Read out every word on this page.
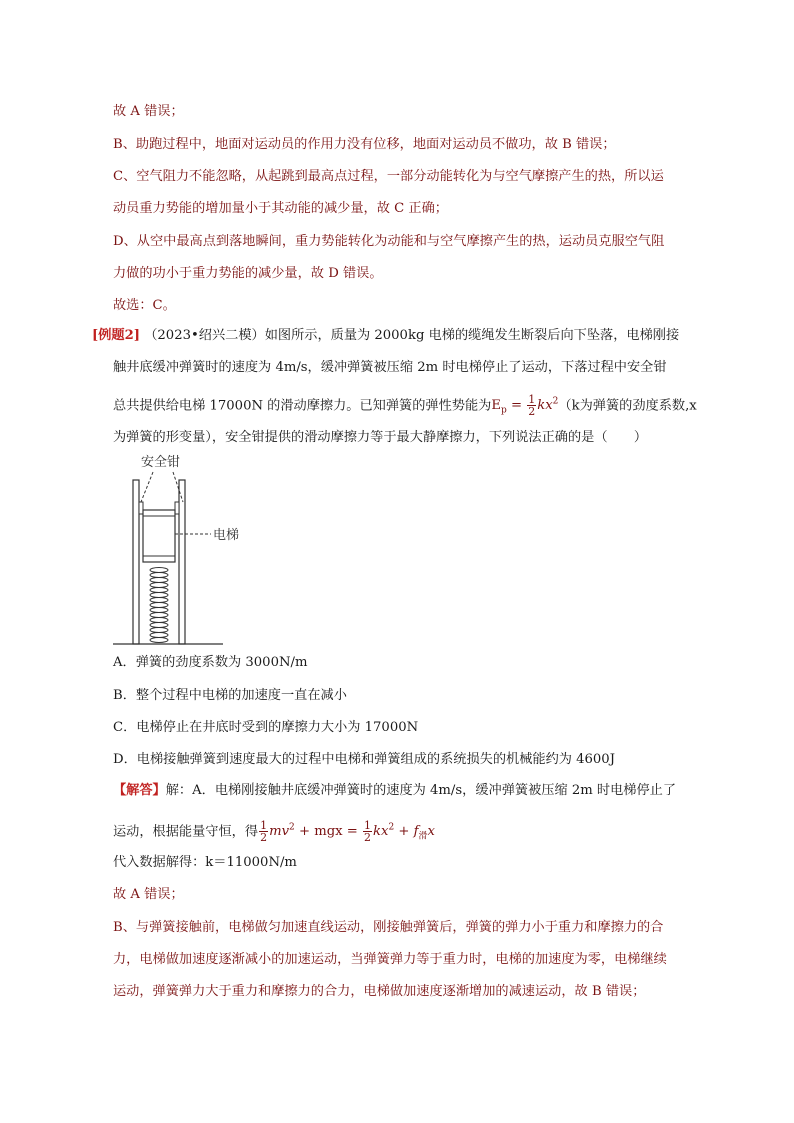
故 A 错误；
B、助跑过程中，地面对运动员的作用力没有位移，地面对运动员不做功，故 B 错误；
C、空气阻力不能忽略，从起跳到最高点过程，一部分动能转化为与空气摩擦产生的热，所以运
动员重力势能的增加量小于其动能的减少量，故 C 正确；
D、从空中最高点到落地瞬间，重力势能转化为动能和与空气摩擦产生的热，运动员克服空气阻
力做的功小于重力势能的减少量，故 D 错误。
故选：C。
[例题2] （2023•绍兴二模）如图所示，质量为 2000kg 电梯的缆绳发生断裂后向下坠落，电梯刚接
触井底缓冲弹簧时的速度为 4m/s，缓冲弹簧被压缩 2m 时电梯停止了运动，下落过程中安全钳
总共提供给电梯 17000N 的滑动摩擦力。已知弹簧的弹性势能为$E_p = \frac{1}{2} kx^2(k$为弹簧的劲度系数,x
为弹簧的形变量），安全钳提供的滑动摩擦力等于最大静摩擦力，下列说法正确的是（　　）
安全钳
电梯
A．弹簧的劲度系数为 3000N/m
B．整个过程中电梯的加速度一直在减小
C．电梯停止在井底时受到的摩擦力大小为 17000N
D．电梯接触弹簧到速度最大的过程中电梯和弹簧组成的系统损失的机械能约为 4600J
【解答】解：A．电梯刚接触井底缓冲弹簧时的速度为 4m/s，缓冲弹簧被压缩 2m 时电梯停止了
运动，根据能量守恒，得 $\frac{1}{2} mv^2$ + mgx = $\frac{1}{2} kx^2 + f_滑x$
代入数据解得：k＝11000N/m
故 A 错误；
B、与弹簧接触前，电梯做匀加速直线运动，刚接触弹簧后，弹簧的弹力小于重力和摩擦力的合
力，电梯做加速度逐渐减小的加速运动，当弹簧弹力等于重力时，电梯的加速度为零，电梯继续
运动，弹簧弹力大于重力和摩擦力的合力，电梯做加速度逐渐增加的减速运动，故 B 错误；
